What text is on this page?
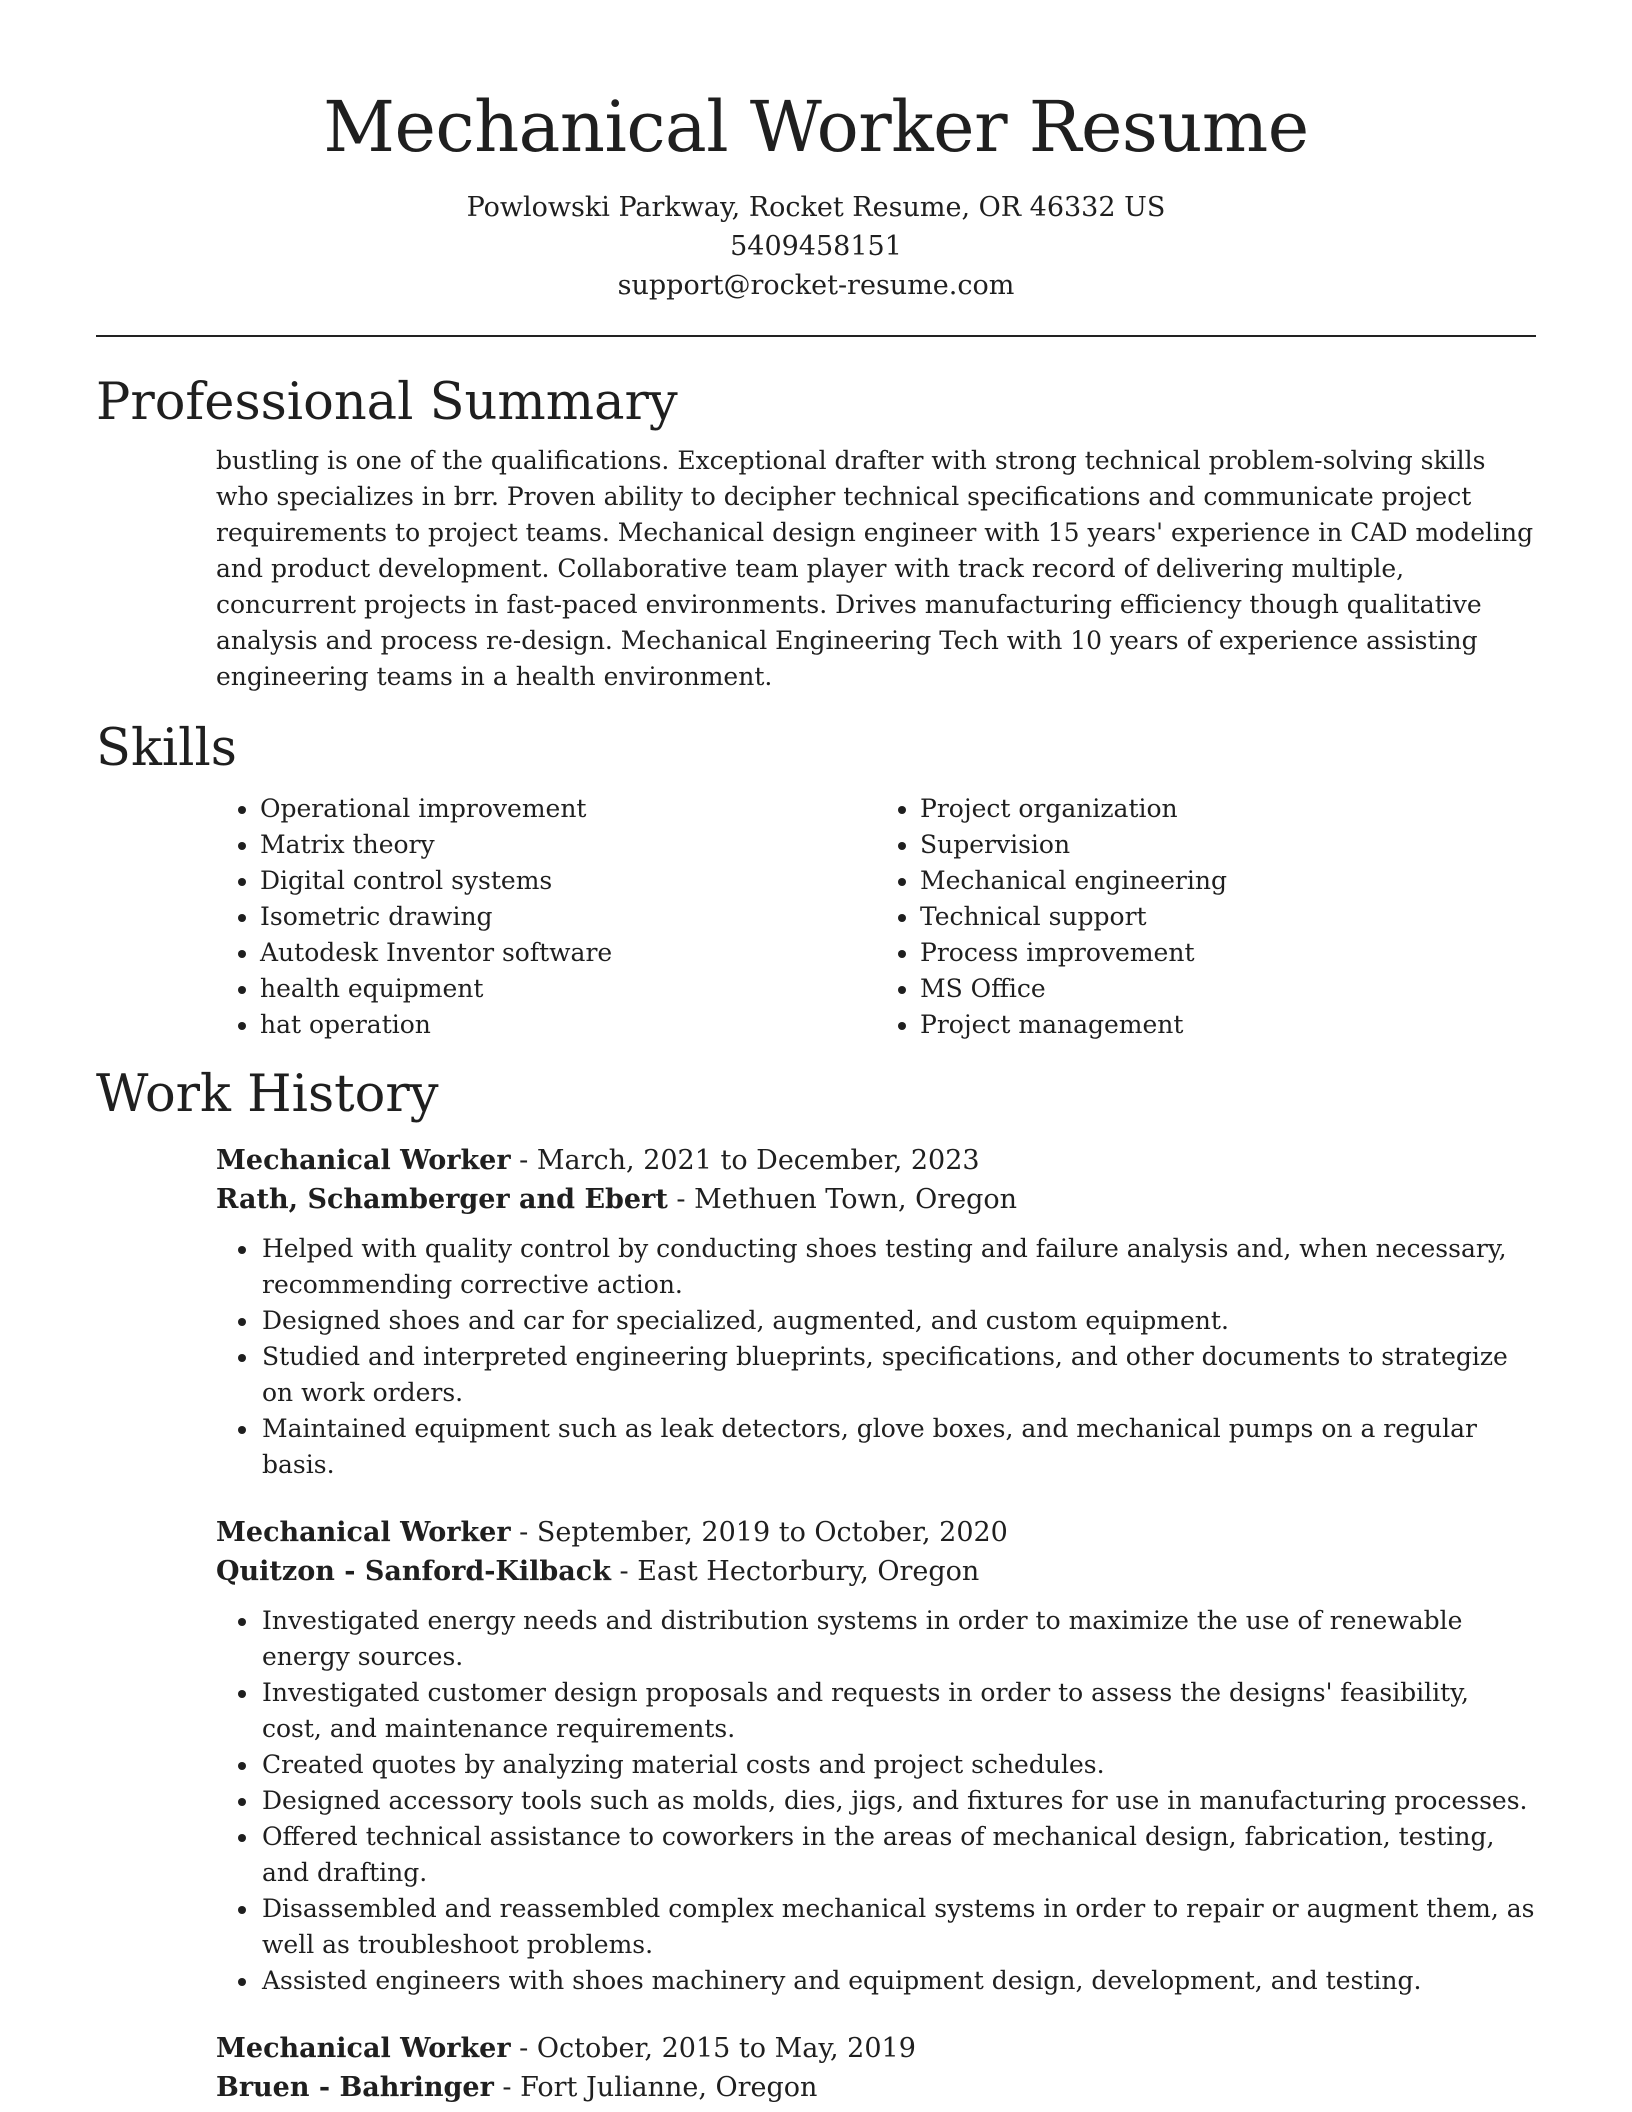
Mechanical Worker Resume
Powlowski Parkway, Rocket Resume, OR 46332 US
5409458151
support@rocket-resume.com
Professional Summary

bustling is one of the qualifications. Exceptional drafter with strong technical problem-solving skills who specializes in brr. Proven ability to decipher technical specifications and communicate project requirements to project teams. Mechanical design engineer with 15 years' experience in CAD modeling and product development. Collaborative team player with track record of delivering multiple, concurrent projects in fast-paced environments. Drives manufacturing efficiency though qualitative analysis and process re-design. Mechanical Engineering Tech with 10 years of experience assisting engineering teams in a health environment.

Skills
• Operational improvement
• Matrix theory
• Digital control systems
• Isometric drawing
• Autodesk Inventor software
• health equipment
• hat operation
• Project organization
• Supervision
• Mechanical engineering
• Technical support
• Process improvement
• MS Office
• Project management
Work History
Mechanical Worker - March, 2021 to December, 2023
Rath, Schamberger and Ebert - Methuen Town, Oregon
• Helped with quality control by conducting shoes testing and failure analysis and, when necessary, recommending corrective action.
• Designed shoes and car for specialized, augmented, and custom equipment.
• Studied and interpreted engineering blueprints, specifications, and other documents to strategize on work orders.
• Maintained equipment such as leak detectors, glove boxes, and mechanical pumps on a regular basis.
Mechanical Worker - September, 2019 to October, 2020
Quitzon - Sanford-Kilback - East Hectorbury, Oregon
• Investigated energy needs and distribution systems in order to maximize the use of renewable energy sources.
• Investigated customer design proposals and requests in order to assess the designs' feasibility, cost, and maintenance requirements.
• Created quotes by analyzing material costs and project schedules.
• Designed accessory tools such as molds, dies, jigs, and fixtures for use in manufacturing processes.
• Offered technical assistance to coworkers in the areas of mechanical design, fabrication, testing, and drafting.
• Disassembled and reassembled complex mechanical systems in order to repair or augment them, as well as troubleshoot problems.
• Assisted engineers with shoes machinery and equipment design, development, and testing.
Mechanical Worker - October, 2015 to May, 2019
Bruen - Bahringer - Fort Julianne, Oregon
